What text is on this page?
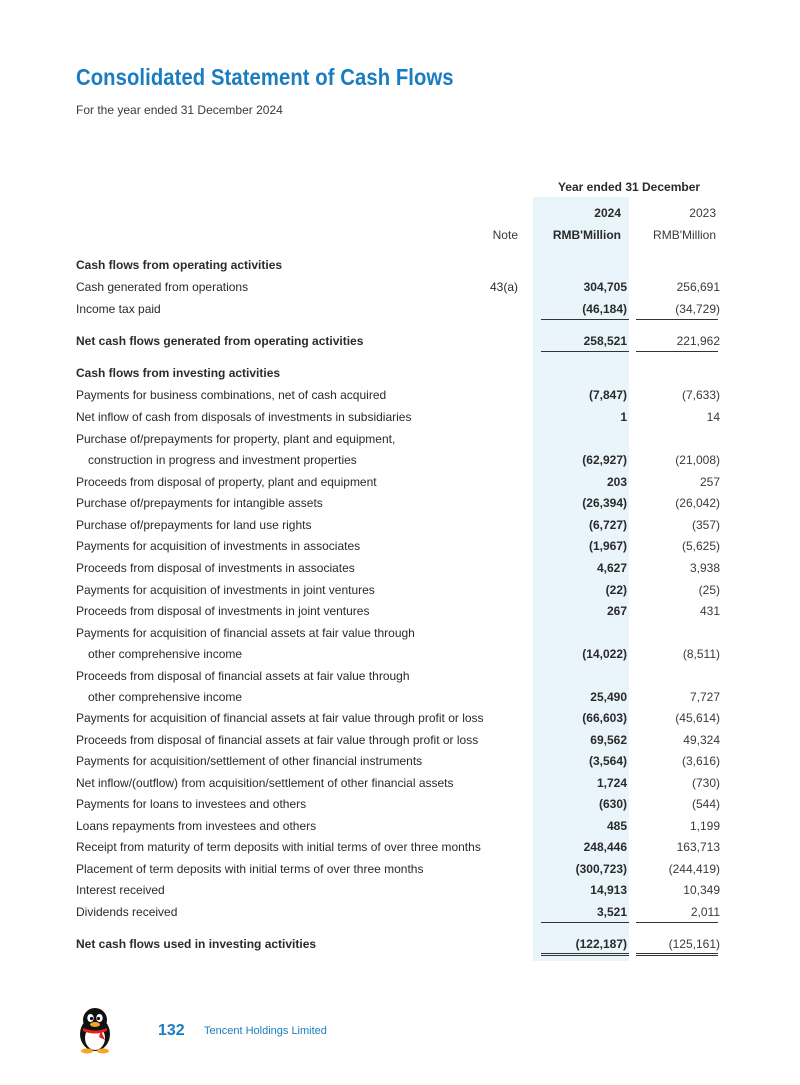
Consolidated Statement of Cash Flows
For the year ended 31 December 2024
Year ended 31 December
2024	2023
Note	RMB'Million	RMB'Million
Cash flows from operating activities
Cash generated from operations	43(a)	304,705	256,691
Income tax paid	(46,184)	(34,729)
Net cash flows generated from operating activities	258,521	221,962
Cash flows from investing activities
Payments for business combinations, net of cash acquired	(7,847)	(7,633)
Net inflow of cash from disposals of investments in subsidiaries	1	14
Purchase of/prepayments for property, plant and equipment,
construction in progress and investment properties	(62,927)	(21,008)
Proceeds from disposal of property, plant and equipment	203	257
Purchase of/prepayments for intangible assets	(26,394)	(26,042)
Purchase of/prepayments for land use rights	(6,727)	(357)
Payments for acquisition of investments in associates	(1,967)	(5,625)
Proceeds from disposal of investments in associates	4,627	3,938
Payments for acquisition of investments in joint ventures	(22)	(25)
Proceeds from disposal of investments in joint ventures	267	431
Payments for acquisition of financial assets at fair value through
other comprehensive income	(14,022)	(8,511)
Proceeds from disposal of financial assets at fair value through
other comprehensive income	25,490	7,727
Payments for acquisition of financial assets at fair value through profit or loss	(66,603)	(45,614)
Proceeds from disposal of financial assets at fair value through profit or loss	69,562	49,324
Payments for acquisition/settlement of other financial instruments	(3,564)	(3,616)
Net inflow/(outflow) from acquisition/settlement of other financial assets	1,724	(730)
Payments for loans to investees and others	(630)	(544)
Loans repayments from investees and others	485	1,199
Receipt from maturity of term deposits with initial terms of over three months	248,446	163,713
Placement of term deposits with initial terms of over three months	(300,723)	(244,419)
Interest received	14,913	10,349
Dividends received	3,521	2,011
Net cash flows used in investing activities	(122,187)	(125,161)
132 Tencent Holdings Limited
